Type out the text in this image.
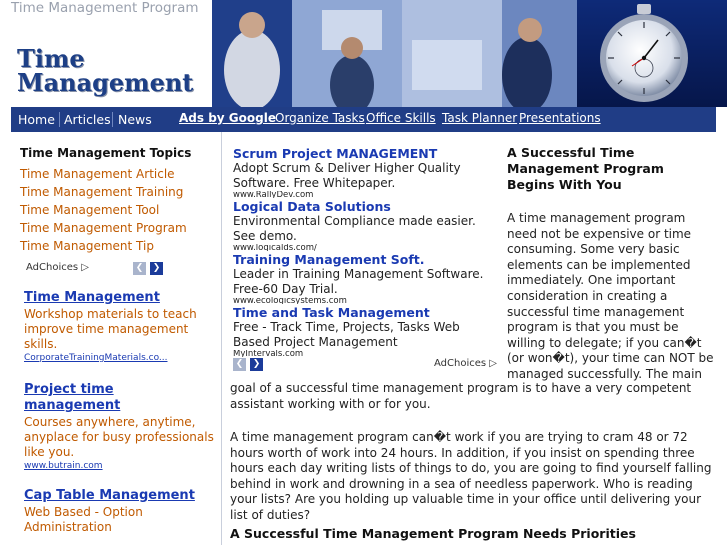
Time Management Program
Time
Management
Home Articles News Ads by Google Organize Tasks Office Skills Task Planner Presentations
Time Management Topics
Time Management Article
Time Management Training
Time Management Tool
Time Management Program
Time Management Tip
AdChoices ▷	❮	❯
Time Management
Workshop materials to teach improve time management skills.
CorporateTrainingMaterials.co...
Project time management
Courses anywhere, anytime, anyplace for busy professionals like you.
www.butrain.com
Cap Table Management
Web Based - Option Administration
Scrum Project MANAGEMENT
Adopt Scrum & Deliver Higher Quality Software. Free Whitepaper.
www.RallyDev.com
Logical Data Solutions
Environmental Compliance made easier. See demo.
www.logicalds.com/
Training Management Soft.
Leader in Training Management Software. Free-60 Day Trial.
www.ecologicsystems.com
Time and Task Management
Free - Track Time, Projects, Tasks Web Based Project Management
MyIntervals.com
❮	❯	AdChoices ▷
A Successful Time Management Program Begins With You
A time management program need not be expensive or time consuming. Some very basic elements can be implemented immediately. One important consideration in creating a successful time management program is that you must be willing to delegate; if you can�t (or won�t), your time can NOT be managed successfully. The main
goal of a successful time management program is to have a very competent assistant working with or for you.
A time management program can�t work if you are trying to cram 48 or 72 hours worth of work into 24 hours. In addition, if you insist on spending three hours each day writing lists of things to do, you are going to find yourself falling behind in work and drowning in a sea of needless paperwork. Who is reading your lists? Are you holding up valuable time in your office until delivering your list of duties?
A Successful Time Management Program Needs Priorities
